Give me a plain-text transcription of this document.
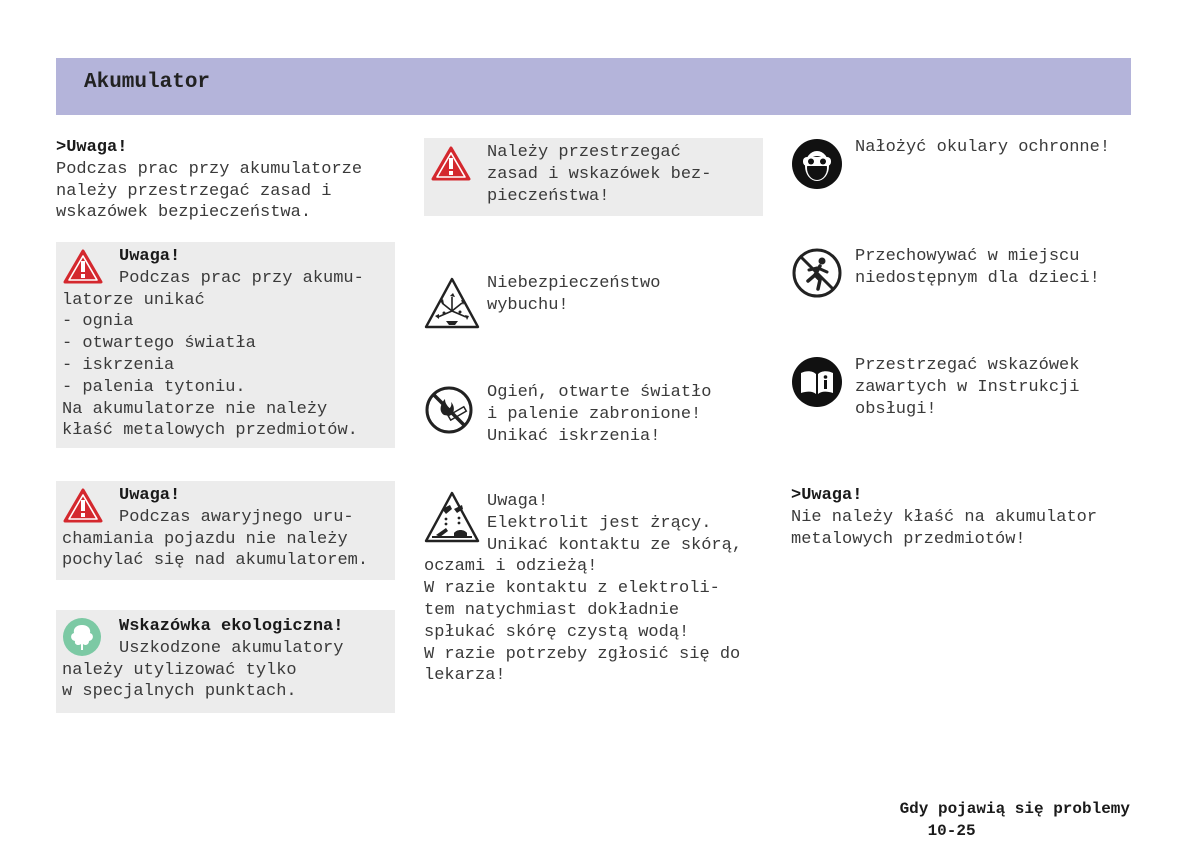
Akumulator
>Uwaga!
Podczas prac przy akumulatorze
należy przestrzegać zasad i
wskazówek bezpieczeństwa.
Uwaga!
Podczas prac przy akumu-
latorze unikać
- ognia
- otwartego światła
- iskrzenia
- palenia tytoniu.
Na akumulatorze nie należy
kłaść metalowych przedmiotów.
Uwaga!
Podczas awaryjnego uru-
chamiania pojazdu nie należy
pochylać się nad akumulatorem.
Wskazówka ekologiczna!
Uszkodzone akumulatory
należy utylizować tylko
w specjalnych punktach.
Należy przestrzegać
zasad i wskazówek bez-
pieczeństwa!
Niebezpieczeństwo
wybuchu!
Ogień, otwarte światło
i palenie zabronione!
Unikać iskrzenia!
Uwaga!
Elektrolit jest żrący.
Unikać kontaktu ze skórą,
oczami i odzieżą!
W razie kontaktu z elektroli-
tem natychmiast dokładnie
spłukać skórę czystą wodą!
W razie potrzeby zgłosić się do
lekarza!
Nałożyć okulary ochronne!
Przechowywać w miejscu
niedostępnym dla dzieci!
Przestrzegać wskazówek
zawartych w Instrukcji
obsługi!
>Uwaga!
Nie należy kłaść na akumulator
metalowych przedmiotów!

Gdy pojawią się problemy
10-25
